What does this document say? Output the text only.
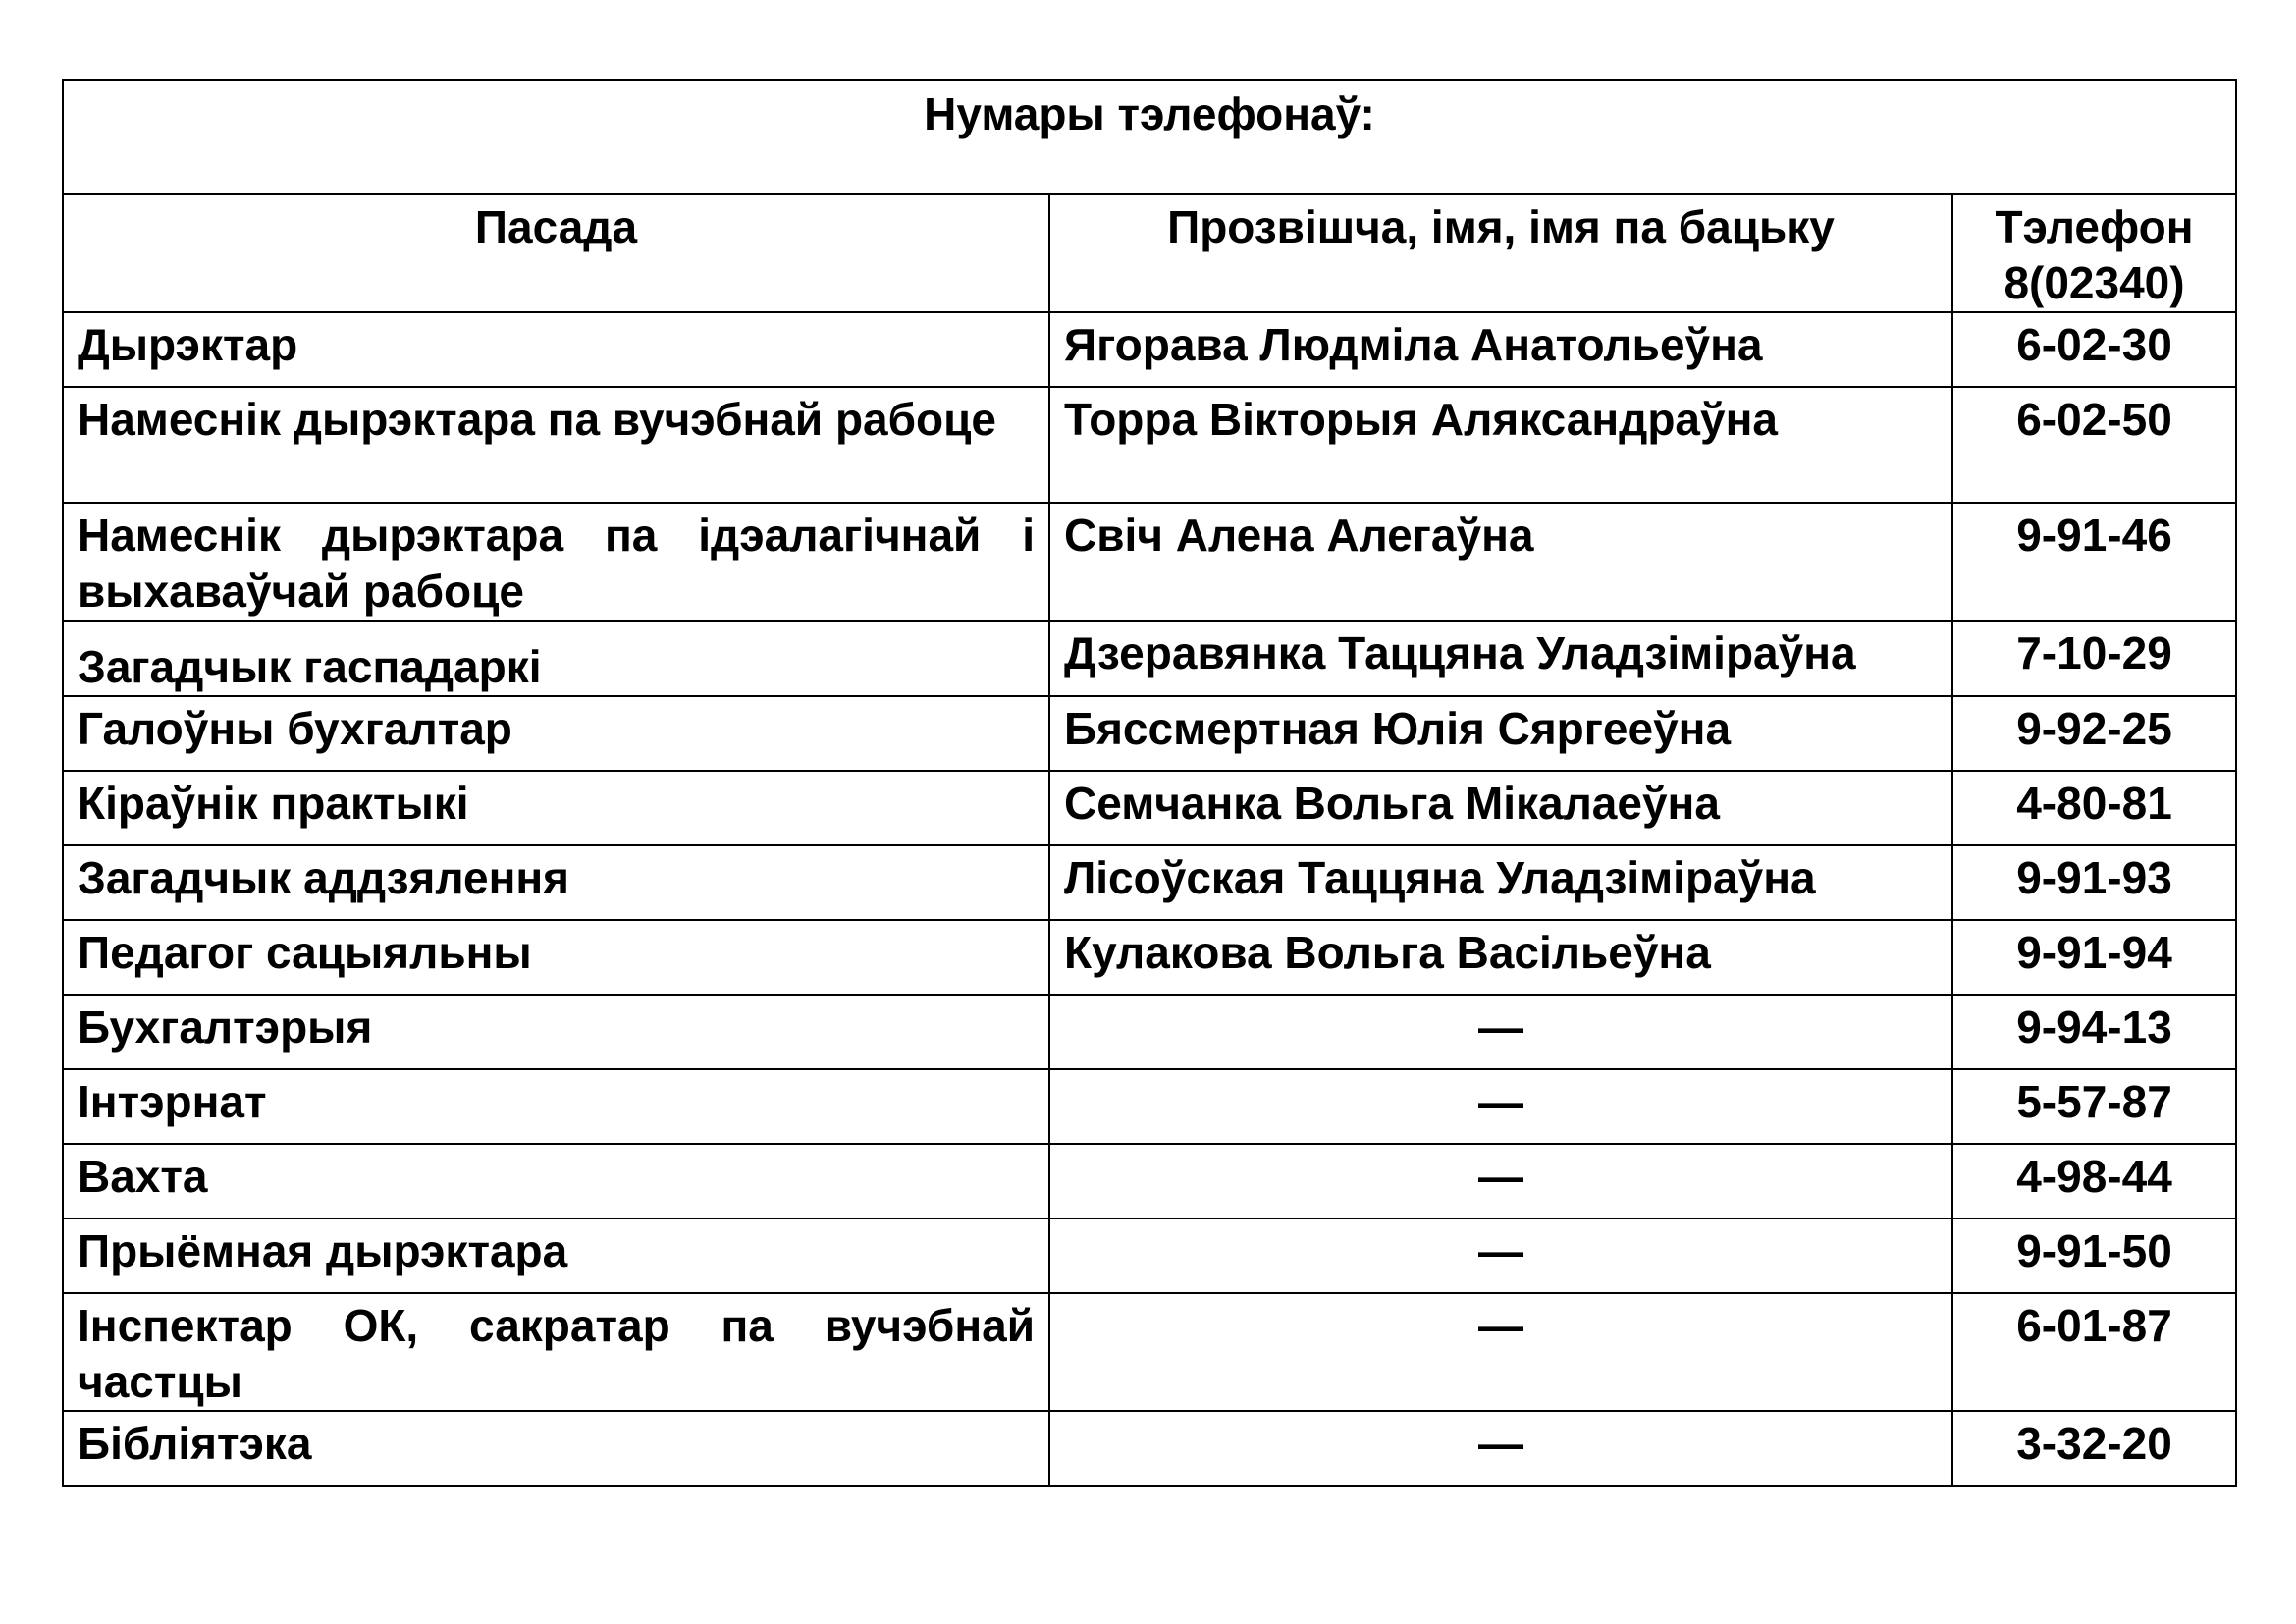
Нумары тэлефонаў:		
Пасада	Прозвішча, імя, імя па бацьку	Тэлефон
8(02340)
Дырэктар	Ягорава Людміла Анатольеўна	6-02-30
Намеснік дырэктара па вучэбнай рабоце	Торра Вікторыя Аляксандраўна	6-02-50
Намеснік дырэктара па ідэалагічнай і выхаваўчай рабоце	Свіч Алена Алегаўна	9-91-46
Загадчык гаспадаркі	Дзеравянка Таццяна Уладзіміраўна	7-10-29
Галоўны бухгалтар	Бяссмертная Юлія Сяргееўна	9-92-25
Кіраўнік практыкі	Семчанка Вольга Мікалаеўна	4-80-81
Загадчык аддзялення	Лісоўская Таццяна Уладзіміраўна	9-91-93
Педагог сацыяльны	Кулакова Вольга Васільеўна	9-91-94
Бухгалтэрыя	—	9-94-13
Інтэрнат	—	5-57-87
Вахта	—	4-98-44
Прыёмная дырэктара	—	9-91-50
Інспектар ОК, сакратар па вучэбнай частцы	—	6-01-87
Бібліятэка	—	3-32-20
